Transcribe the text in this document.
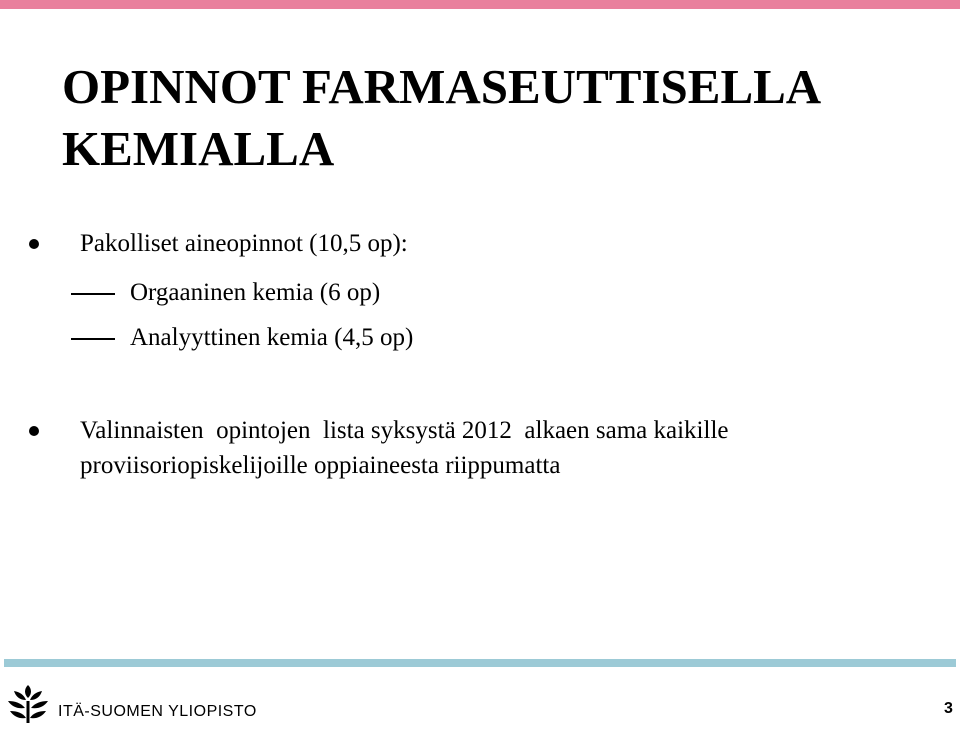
OPINNOT FARMASEUTTISELLA
KEMIALLA
Pakolliset aineopinnot (10,5 op):
Orgaaninen kemia (6 op)
Analyyttinen kemia (4,5 op)
Valinnaisten  opintojen  lista syksystä 2012  alkaen sama kaikille
proviisoriopiskelijoille oppiaineesta riippumatta
ITÄ-SUOMEN YLIOPISTO	3
